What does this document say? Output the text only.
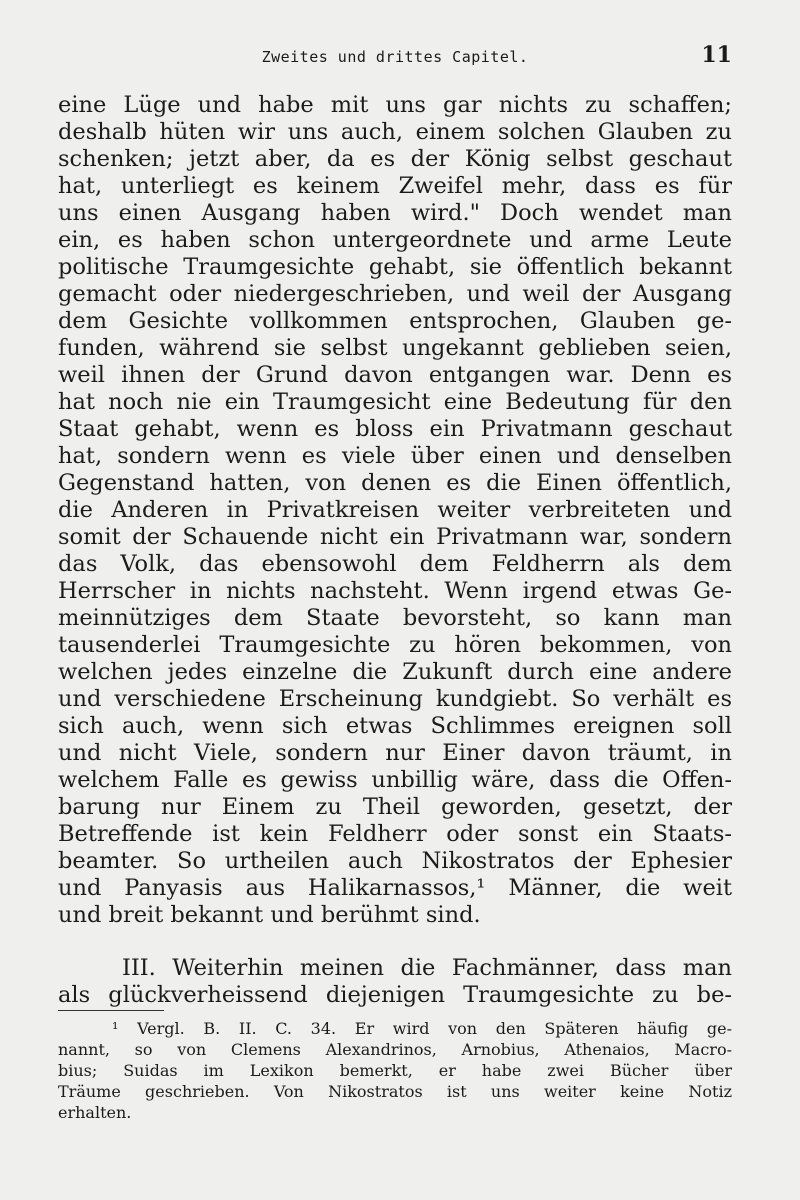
Zweites und drittes Capitel.	11
eine Lüge und habe mit uns gar nichts zu schaffen;
deshalb hüten wir uns auch, einem solchen Glauben zu
schenken; jetzt aber, da es der König selbst geschaut
hat, unterliegt es keinem Zweifel mehr, dass es für
uns einen Ausgang haben wird." Doch wendet man
ein, es haben schon untergeordnete und arme Leute
politische Traumgesichte gehabt, sie öffentlich bekannt
gemacht oder niedergeschrieben, und weil der Ausgang
dem Gesichte vollkommen entsprochen, Glauben ge-
funden, während sie selbst ungekannt geblieben seien,
weil ihnen der Grund davon entgangen war. Denn es
hat noch nie ein Traumgesicht eine Bedeutung für den
Staat gehabt, wenn es bloss ein Privatmann geschaut
hat, sondern wenn es viele über einen und denselben
Gegenstand hatten, von denen es die Einen öffentlich,
die Anderen in Privatkreisen weiter verbreiteten und
somit der Schauende nicht ein Privatmann war, sondern
das Volk, das ebensowohl dem Feldherrn als dem
Herrscher in nichts nachsteht. Wenn irgend etwas Ge-
meinnütziges dem Staate bevorsteht, so kann man
tausenderlei Traumgesichte zu hören bekommen, von
welchen jedes einzelne die Zukunft durch eine andere
und verschiedene Erscheinung kundgiebt. So verhält es
sich auch, wenn sich etwas Schlimmes ereignen soll
und nicht Viele, sondern nur Einer davon träumt, in
welchem Falle es gewiss unbillig wäre, dass die Offen-
barung nur Einem zu Theil geworden, gesetzt, der
Betreffende ist kein Feldherr oder sonst ein Staats-
beamter. So urtheilen auch Nikostratos der Ephesier
und Panyasis aus Halikarnassos,¹ Männer, die weit
und breit bekannt und berühmt sind.
III. Weiterhin meinen die Fachmänner, dass man
als glückverheissend diejenigen Traumgesichte zu be-
¹ Vergl. B. II. C. 34. Er wird von den Späteren häufig ge-
nannt, so von Clemens Alexandrinos, Arnobius, Athenaios, Macro-
bius; Suidas im Lexikon bemerkt, er habe zwei Bücher über
Träume geschrieben. Von Nikostratos ist uns weiter keine Notiz
erhalten.
